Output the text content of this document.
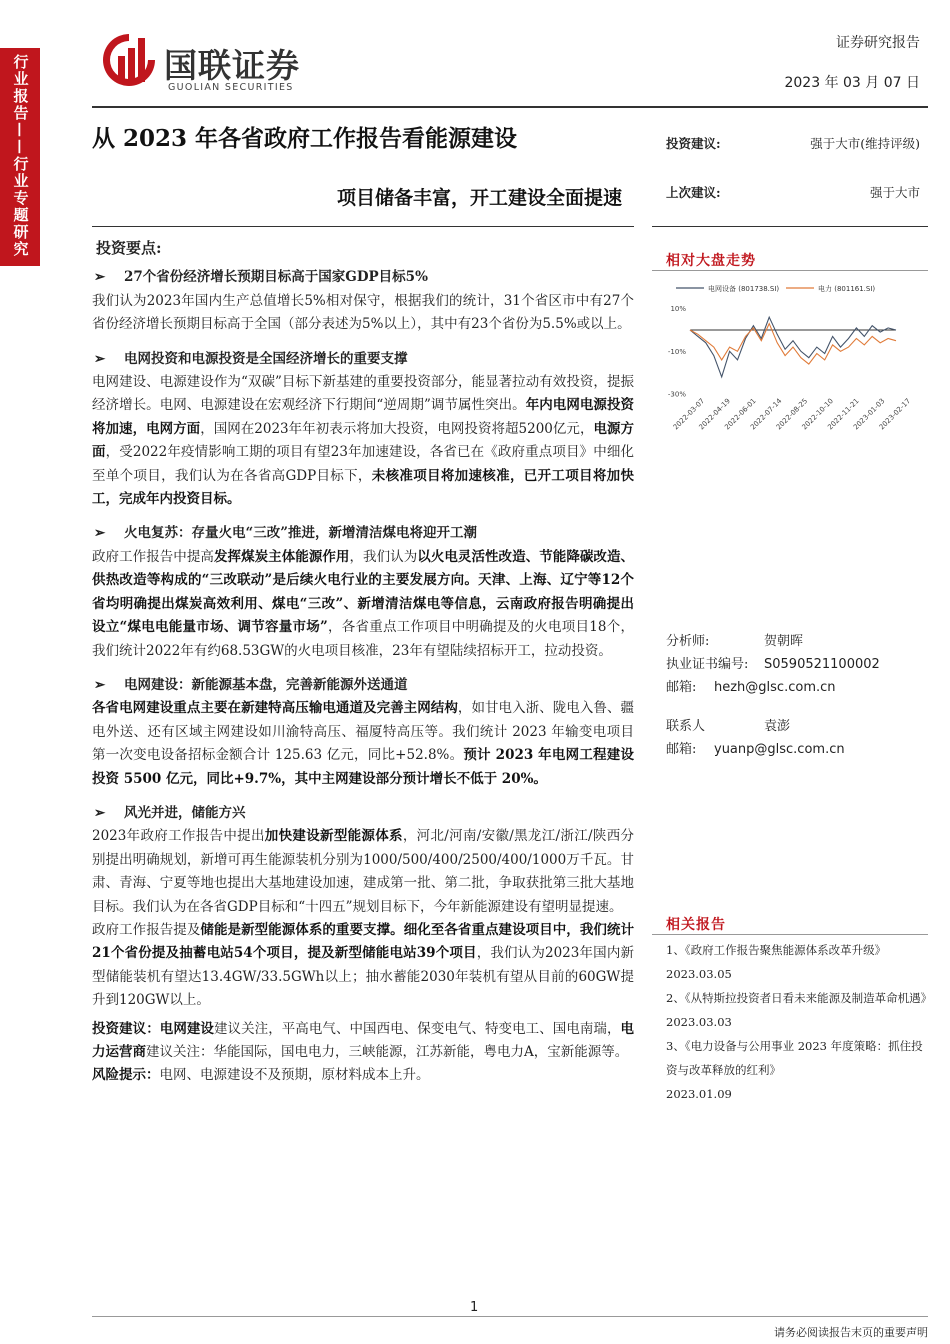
行业报告——行业专题研究	国联证券
GUOLIAN SECURITIES
证券研究报告
2023 年 03 月 07 日
从 2023 年各省政府工作报告看能源建设
项目储备丰富，开工建设全面提速
投资建议:	强于大市(维持评级)
上次建议:	强于大市
投资要点:
➢	27个省份经济增长预期目标高于国家GDP目标5%

我们认为2023年国内生产总值增长5%相对保守，根据我们的统计，31个省区市中有27个省份经济增长预期目标高于全国（部分表述为5%以上），其中有23个省份为5.5%或以上。

➢	电网投资和电源投资是全国经济增长的重要支撑

电网建设、电源建设作为“双碳”目标下新基建的重要投资部分，能显著拉动有效投资，提振经济增长。电网、电源建设在宏观经济下行期间“逆周期”调节属性突出。年内电网电源投资将加速，电网方面，国网在2023年年初表示将加大投资，电网投资将超5200亿元，电源方面，受2022年疫情影响工期的项目有望23年加速建设，各省已在《政府重点项目》中细化至单个项目，我们认为在各省高GDP目标下，未核准项目将加速核准，已开工项目将加快工，完成年内投资目标。

➢	火电复苏：存量火电“三改”推进，新增清洁煤电将迎开工潮

政府工作报告中提高发挥煤炭主体能源作用，我们认为以火电灵活性改造、节能降碳改造、供热改造等构成的“三改联动”是后续火电行业的主要发展方向。天津、上海、辽宁等12个省均明确提出煤炭高效利用、煤电“三改”、新增清洁煤电等信息，云南政府报告明确提出设立“煤电电能量市场、调节容量市场”，各省重点工作项目中明确提及的火电项目18个，我们统计2022年有约68.53GW的火电项目核准，23年有望陆续招标开工，拉动投资。

➢	电网建设：新能源基本盘，完善新能源外送通道

各省电网建设重点主要在新建特高压输电通道及完善主网结构，如甘电入浙、陇电入鲁、疆电外送、还有区域主网建设如川渝特高压、福厦特高压等。我们统计 2023 年输变电项目第一次变电设备招标金额合计 125.63 亿元，同比+52.8%。预计 2023 年电网工程建设投资 5500 亿元，同比+9.7%，其中主网建设部分预计增长不低于 20%。

➢	风光并进，储能方兴

2023年政府工作报告中提出加快建设新型能源体系，河北/河南/安徽/黑龙江/浙江/陕西分别提出明确规划，新增可再生能源装机分别为1000/500/400/2500/400/1000万千瓦。甘肃、青海、宁夏等地也提出大基地建设加速，建成第一批、第二批，争取获批第三批大基地目标。我们认为在各省GDP目标和“十四五”规划目标下，今年新能源建设有望明显提速。

政府工作报告提及储能是新型能源体系的重要支撑。细化至各省重点建设项目中，我们统计21个省份提及抽蓄电站54个项目，提及新型储能电站39个项目，我们认为2023年国内新型储能装机有望达13.4GW/33.5GWh以上；抽水蓄能2030年装机有望从目前的60GW提升到120GW以上。

投资建议：电网建设建议关注，平高电气、中国西电、保变电气、特变电工、国电南瑞，电力运营商建议关注：华能国际，国电电力，三峡能源，江苏新能，粤电力A，宝新能源等。

风险提示：电网、电源建设不及预期，原材料成本上升。

相对大盘走势
电网设备 (801738.SI)	电力 (801161.SI)
10%
-10%
-30%
2022-03-07
2022-04-19
2022-06-01
2022-07-14
2022-08-25
2022-10-10
2022-11-21
2023-01-03
2023-02-17
分析师:	贺朝晖
执业证书编号:	S0590521100002
邮箱:	hezh@glsc.com.cn
联系人	袁澎
邮箱:	yuanp@glsc.com.cn
相关报告
1、《政府工作报告聚焦能源体系改革升级》
2023.03.05
2、《从特斯拉投资者日看未来能源及制造革命机遇》
2023.03.03
3、《电力设备与公用事业 2023 年度策略：抓住投资与改革释放的红利》
2023.01.09
1
请务必阅读报告末页的重要声明
